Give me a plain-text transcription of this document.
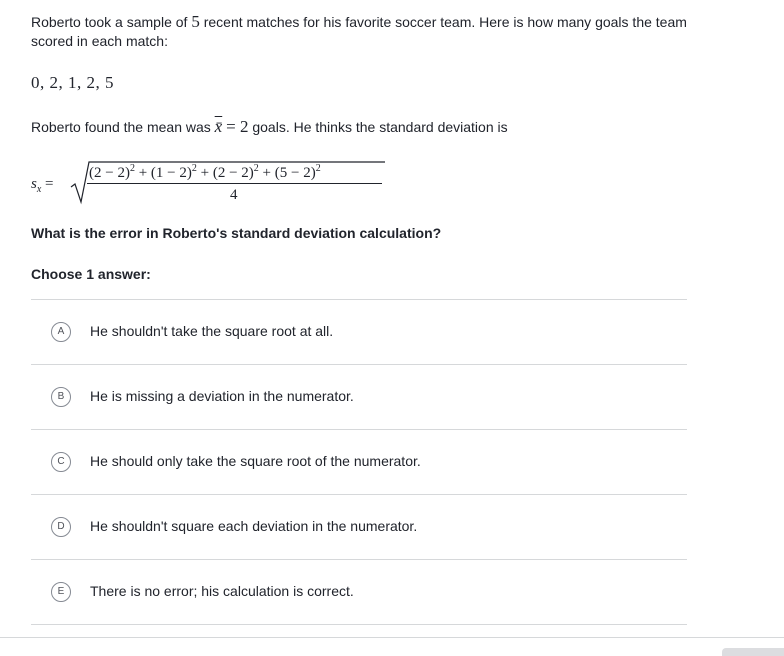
Roberto took a sample of 5 recent matches for his favorite soccer team. Here is how many goals the team scored in each match:
0, 2, 1, 2, 5
Roberto found the mean was x̄ = 2 goals. He thinks the standard deviation is
$s_x$ =
$(2 - 2)^2 + (1 - 2)^2 + (2 - 2)^2 + (5 - 2)^2$
4
What is the error in Roberto's standard deviation calculation?
Choose 1 answer:
A	He shouldn't take the square root at all.
B	He is missing a deviation in the numerator.
C	He should only take the square root of the numerator.
D	He shouldn't square each deviation in the numerator.
E	There is no error; his calculation is correct.
